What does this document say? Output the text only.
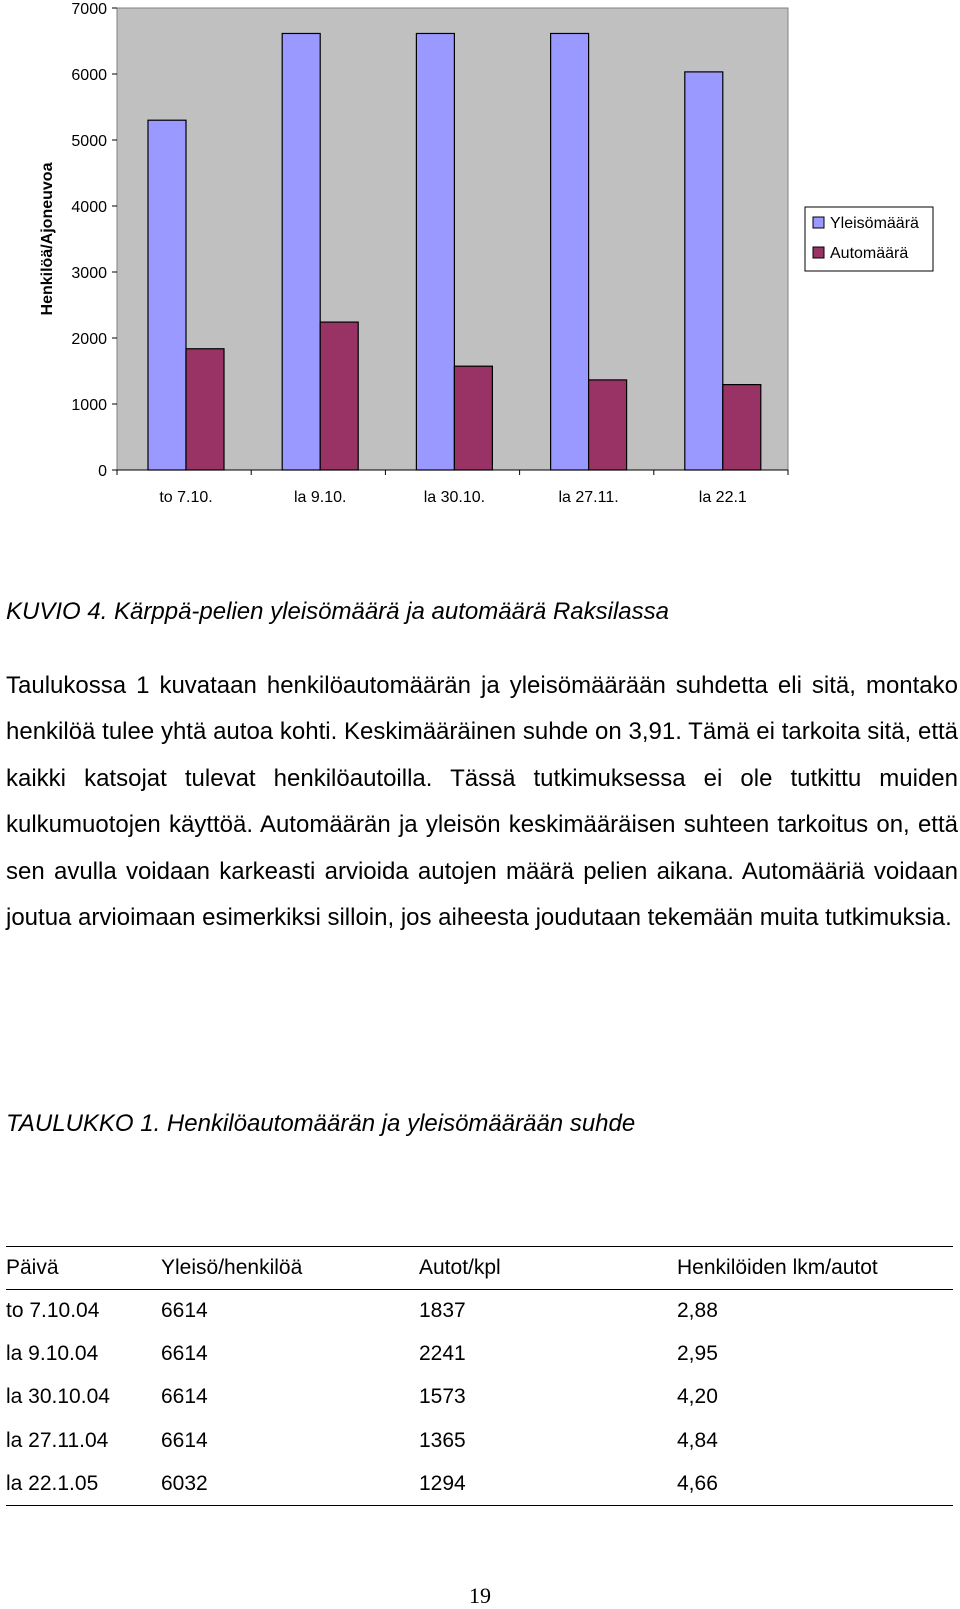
0
1000
2000
3000
4000
5000
6000
7000
Henkilöä/Ajoneuvoa
to 7.10.	la 9.10.	la 30.10.	la 27.11.	la 22.1
Yleisömäärä
Automäärä
KUVIO 4. Kärppä-pelien yleisömäärä ja automäärä Raksilassa

Taulukossa 1 kuvataan henkilöautomäärän ja yleisömäärään suhdetta eli sitä, montako henkilöä tulee yhtä autoa kohti. Keskimääräinen suhde on 3,91. Tämä ei tarkoita sitä, että kaikki katsojat tulevat henkilöautoilla. Tässä tutkimuksessa ei ole tutkittu muiden kulkumuotojen käyttöä. Automäärän ja yleisön keskimääräisen suhteen tarkoitus on, että sen avulla voidaan karkeasti arvioida autojen määrä pelien aikana. Automääriä voidaan joutua arvioimaan esimerkiksi silloin, jos aiheesta joudutaan tekemään muita tutkimuksia.

TAULUKKO 1. Henkilöautomäärän ja yleisömäärään suhde
Päivä	Yleisö/henkilöä	Autot/kpl	Henkilöiden lkm/autot
to 7.10.04	6614	1837	2,88
la 9.10.04	6614	2241	2,95
la 30.10.04	6614	1573	4,20
la 27.11.04	6614	1365	4,84
la 22.1.05	6032	1294	4,66
19
